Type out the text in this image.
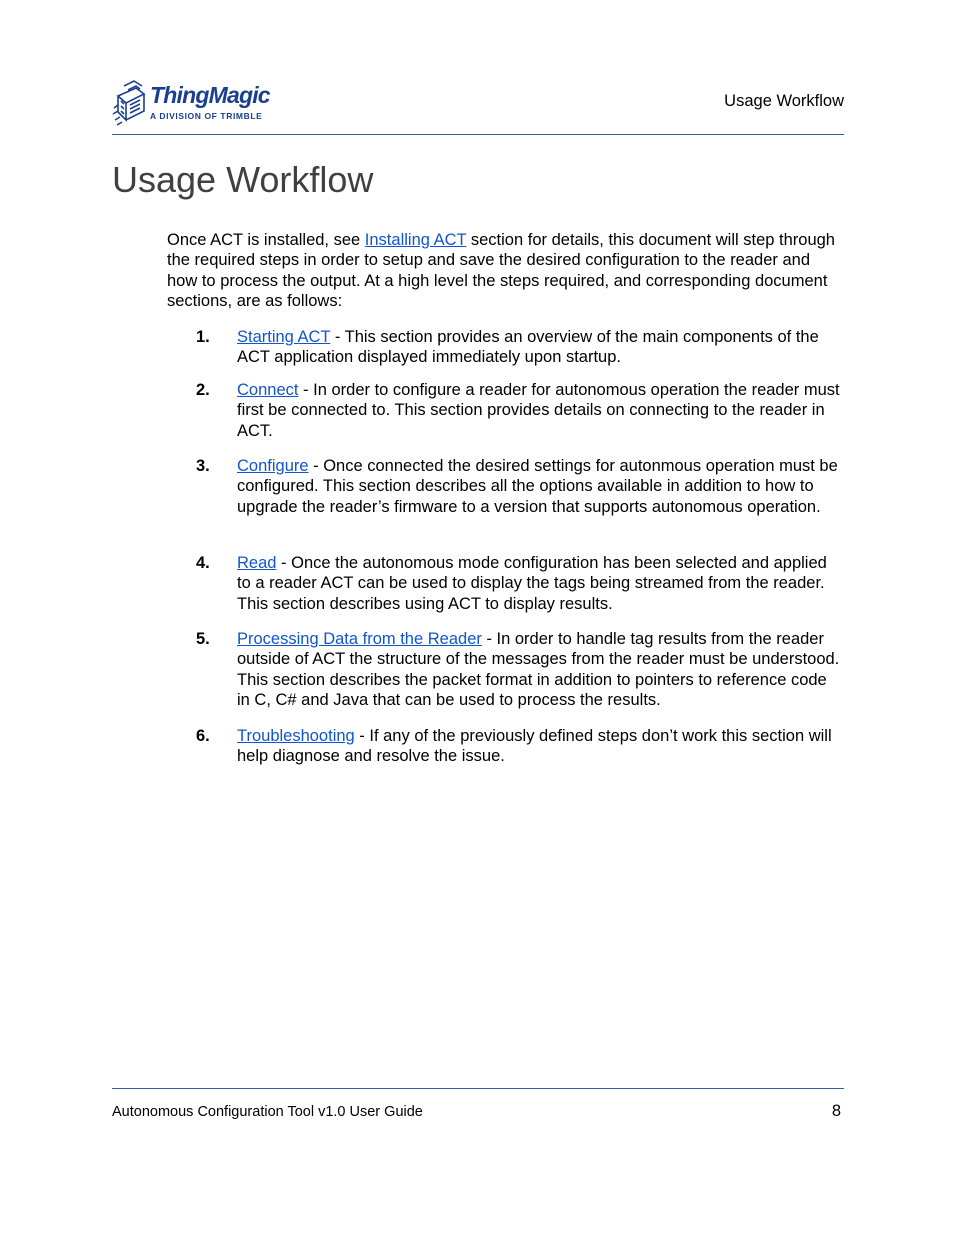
ThingMagic
A DIVISION OF TRIMBLE
Usage Workflow
Usage Workflow

Once ACT is installed, see Installing ACT section for details, this document will step through the required steps in order to setup and save the desired configuration to the reader and how to process the output. At a high level the steps required, and corresponding document sections, are as follows:

1. Starting ACT - This section provides an overview of the main components of the ACT application displayed immediately upon startup.
2. Connect - In order to configure a reader for autonomous operation the reader must first be connected to. This section provides details on connecting to the reader in ACT.
3. Configure - Once connected the desired settings for autonmous operation must be configured. This section describes all the options available in addition to how to upgrade the reader’s firmware to a version that supports autonomous operation.
4. Read - Once the autonomous mode configuration has been selected and applied to a reader ACT can be used to display the tags being streamed from the reader. This section describes using ACT to display results.
5. Processing Data from the Reader - In order to handle tag results from the reader outside of ACT the structure of the messages from the reader must be understood. This section describes the packet format in addition to pointers to reference code in C, C# and Java that can be used to process the results.
6. Troubleshooting - If any of the previously defined steps don’t work this section will help diagnose and resolve the issue.
Autonomous Configuration Tool v1.0 User Guide	8
